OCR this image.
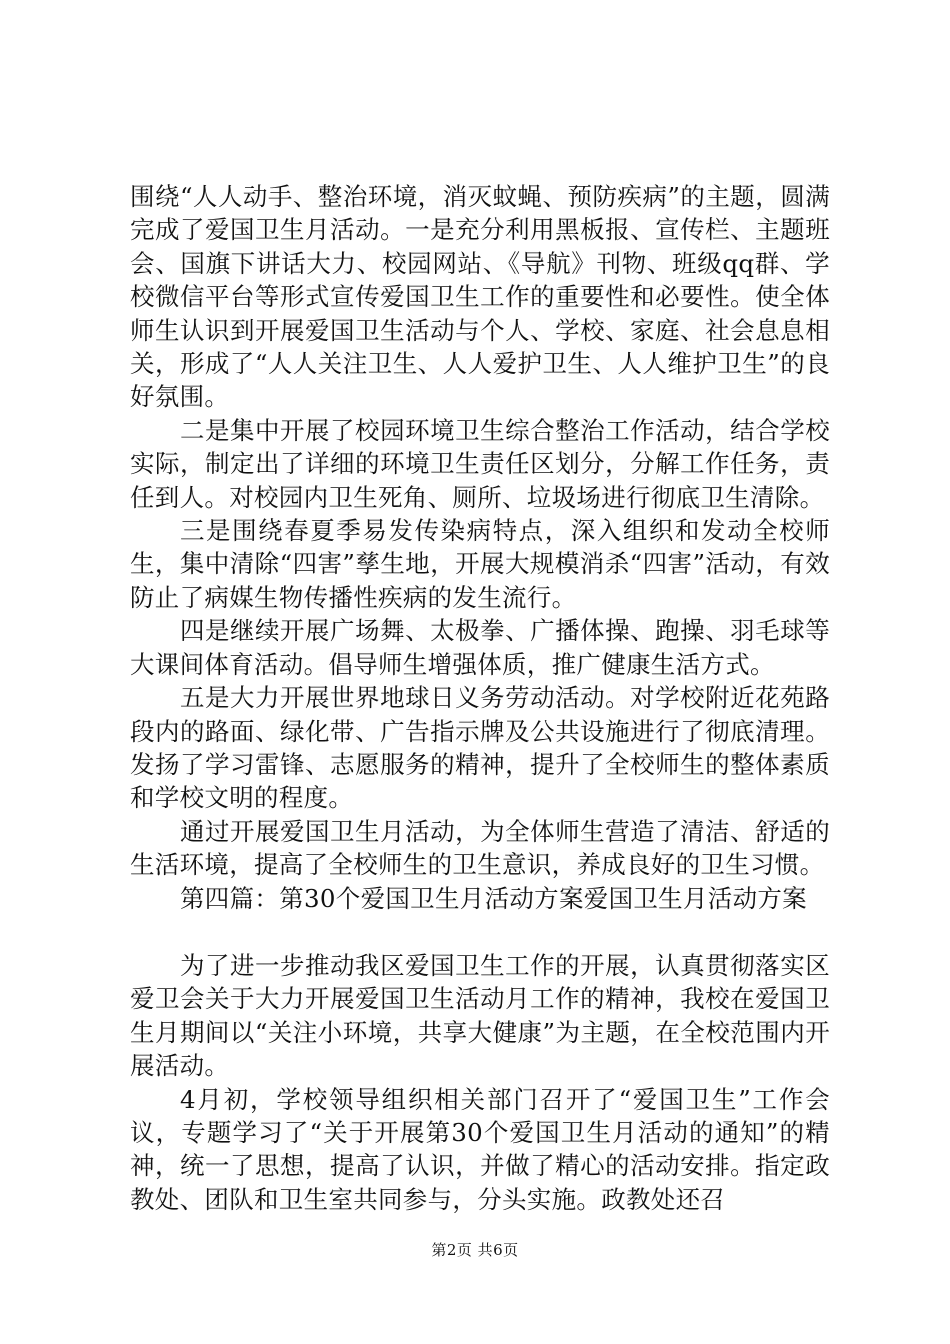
围绕“人人动手、整治环境，消灭蚊蝇、预防疾病”的主题，圆满完成了爱国卫生月活动。一是充分利用黑板报、宣传栏、主题班会、国旗下讲话大力、校园网站、《导航》刊物、班级qq群、学校微信平台等形式宣传爱国卫生工作的重要性和必要性。使全体师生认识到开展爱国卫生活动与个人、学校、家庭、社会息息相关，形成了“人人关注卫生、人人爱护卫生、人人维护卫生”的良好氛围。

二是集中开展了校园环境卫生综合整治工作活动，结合学校实际，制定出了详细的环境卫生责任区划分，分解工作任务，责任到人。对校园内卫生死角、厕所、垃圾场进行彻底卫生清除。

三是围绕春夏季易发传染病特点，深入组织和发动全校师生，集中清除“四害”孳生地，开展大规模消杀“四害”活动，有效防止了病媒生物传播性疾病的发生流行。

四是继续开展广场舞、太极拳、广播体操、跑操、羽毛球等大课间体育活动。倡导师生增强体质，推广健康生活方式。

五是大力开展世界地球日义务劳动活动。对学校附近花苑路段内的路面、绿化带、广告指示牌及公共设施进行了彻底清理。发扬了学习雷锋、志愿服务的精神，提升了全校师生的整体素质和学校文明的程度。

通过开展爱国卫生月活动，为全体师生营造了清洁、舒适的生活环境，提高了全校师生的卫生意识，养成良好的卫生习惯。

第四篇：第30个爱国卫生月活动方案爱国卫生月活动方案

为了进一步推动我区爱国卫生工作的开展，认真贯彻落实区爱卫会关于大力开展爱国卫生活动月工作的精神，我校在爱国卫生月期间以“关注小环境，共享大健康”为主题，在全校范围内开展活动。

4月初，学校领导组织相关部门召开了“爱国卫生”工作会议，专题学习了“关于开展第30个爱国卫生月活动的通知”的精神，统一了思想，提高了认识，并做了精心的活动安排。指定政教处、团队和卫生室共同参与，分头实施。政教处还召

第2页 共6页
